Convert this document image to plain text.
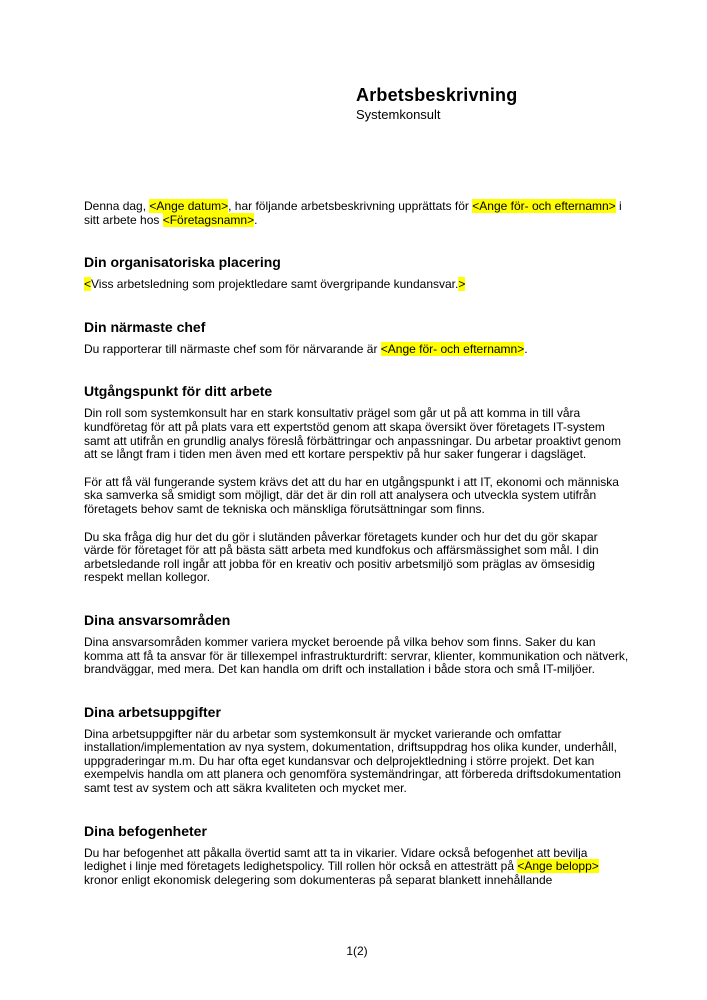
Arbetsbeskrivning
Systemkonsult

Denna dag, <Ange datum>, har följande arbetsbeskrivning upprättats för <Ange för- och efternamn> i sitt arbete hos <Företagsnamn>.

Din organisatoriska placering

<Viss arbetsledning som projektledare samt övergripande kundansvar.>

Din närmaste chef

Du rapporterar till närmaste chef som för närvarande är <Ange för- och efternamn>.

Utgångspunkt för ditt arbete

Din roll som systemkonsult har en stark konsultativ prägel som går ut på att komma in till våra kundföretag för att på plats vara ett expertstöd genom att skapa översikt över företagets IT-system samt att utifrån en grundlig analys föreslå förbättringar och anpassningar. Du arbetar proaktivt genom att se långt fram i tiden men även med ett kortare perspektiv på hur saker fungerar i dagsläget.

För att få väl fungerande system krävs det att du har en utgångspunkt i att IT, ekonomi och människa ska samverka så smidigt som möjligt, där det är din roll att analysera och utveckla system utifrån företagets behov samt de tekniska och mänskliga förutsättningar som finns.

Du ska fråga dig hur det du gör i slutänden påverkar företagets kunder och hur det du gör skapar värde för företaget för att på bästa sätt arbeta med kundfokus och affärsmässighet som mål. I din arbetsledande roll ingår att jobba för en kreativ och positiv arbetsmiljö som präglas av ömsesidig respekt mellan kollegor.

Dina ansvarsområden

Dina ansvarsområden kommer variera mycket beroende på vilka behov som finns. Saker du kan komma att få ta ansvar för är tillexempel infrastrukturdrift: servrar, klienter, kommunikation och nätverk, brandväggar, med mera. Det kan handla om drift och installation i både stora och små IT-miljöer.

Dina arbetsuppgifter

Dina arbetsuppgifter när du arbetar som systemkonsult är mycket varierande och omfattar installation/implementation av nya system, dokumentation, driftsuppdrag hos olika kunder, underhåll, uppgraderingar m.m. Du har ofta eget kundansvar och delprojektledning i större projekt. Det kan exempelvis handla om att planera och genomföra systemändringar, att förbereda driftsdokumentation samt test av system och att säkra kvaliteten och mycket mer.

Dina befogenheter

Du har befogenhet att påkalla övertid samt att ta in vikarier. Vidare också befogenhet att bevilja ledighet i linje med företagets ledighetspolicy. Till rollen hör också en attesträtt på <Ange belopp> kronor enligt ekonomisk delegering som dokumenteras på separat blankett innehållande

1(2)
